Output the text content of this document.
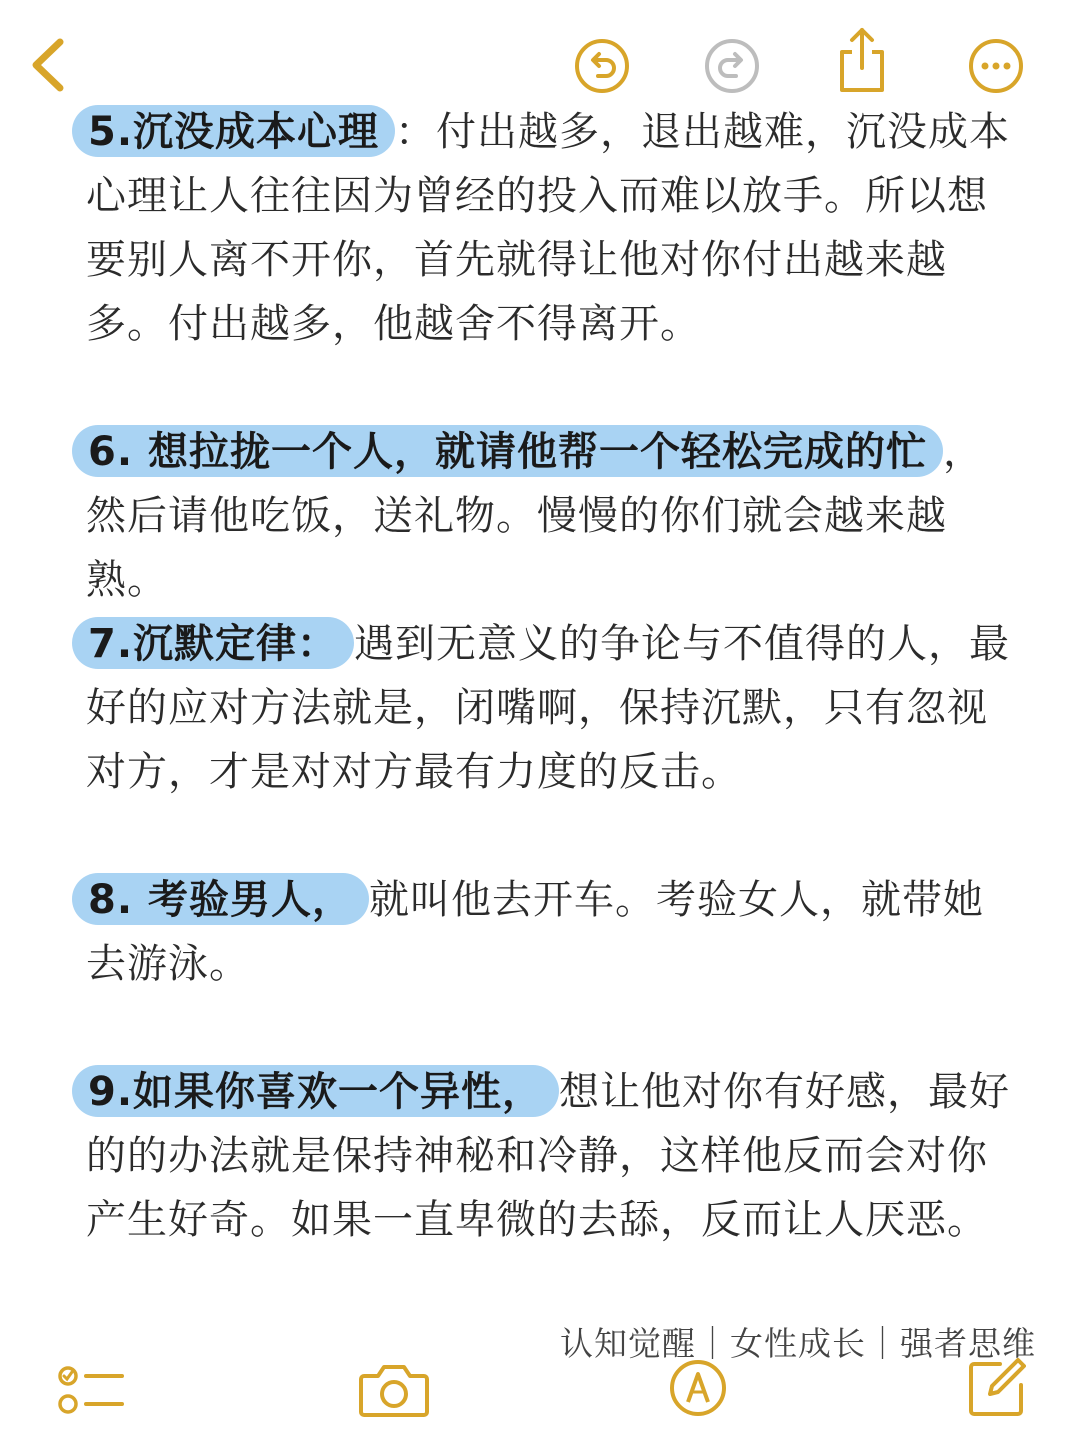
5.沉没成本心理 ：付出越多，退出越难，沉没成本心理让人往往因为曾经的投入而难以放手。所以想要别人离不开你，首先就得让他对你付出越来越多。付出越多，他越舍不得离开。

6. 想拉拢一个人，就请他帮一个轻松完成的忙 ，然后请他吃饭，送礼物。慢慢的你们就会越来越熟。

7.沉默定律： 遇到无意义的争论与不值得的人，最好的应对方法就是，闭嘴啊，保持沉默，只有忽视对方，才是对对方最有力度的反击。

8. 考验男人， 就叫他去开车。考验女人，就带她去游泳。

9.如果你喜欢一个异性， 想让他对你有好感，最好的的办法就是保持神秘和冷静，这样他反而会对你产生好奇。如果一直卑微的去舔，反而让人厌恶。

认知觉醒｜女性成长｜强者思维
